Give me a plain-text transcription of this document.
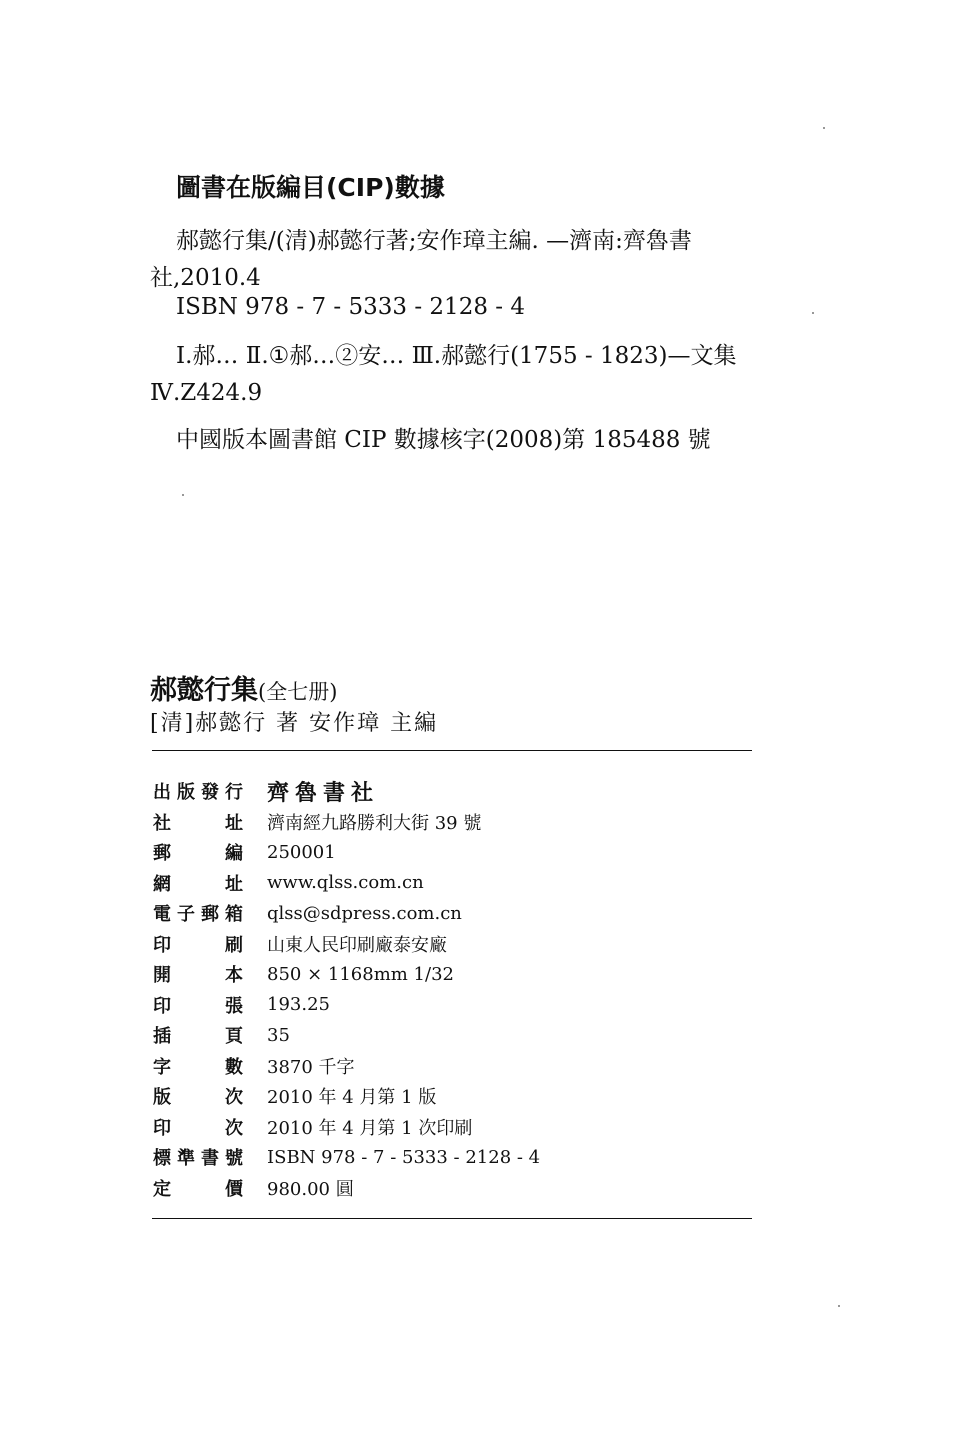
圖書在版編目(CIP)數據

郝懿行集/(清)郝懿行著;安作璋主編. —濟南:齊魯書社,2010.4

ISBN 978 - 7 - 5333 - 2128 - 4

Ⅰ.郝… Ⅱ.①郝…②安… Ⅲ.郝懿行(1755 - 1823)—文集 Ⅳ.Z424.9

中國版本圖書館 CIP 數據核字(2008)第 185488 號

郝懿行集(全七册)
[清]郝懿行 著 安作璋 主編
出 版 發 行 齊魯書社
社	址 濟南經九路勝利大街 39 號
郵	編 250001
網	址 www.qlss.com.cn
電 子 郵 箱 qlss@sdpress.com.cn
印	刷 山東人民印刷廠泰安廠
開	本 850 × 1168mm 1/32
印	張 193.25
插	頁 35
字	數 3870 千字
版	次 2010 年 4 月第 1 版
印	次 2010 年 4 月第 1 次印刷
標 準 書 號 ISBN 978 - 7 - 5333 - 2128 - 4
定	價 980.00 圓
